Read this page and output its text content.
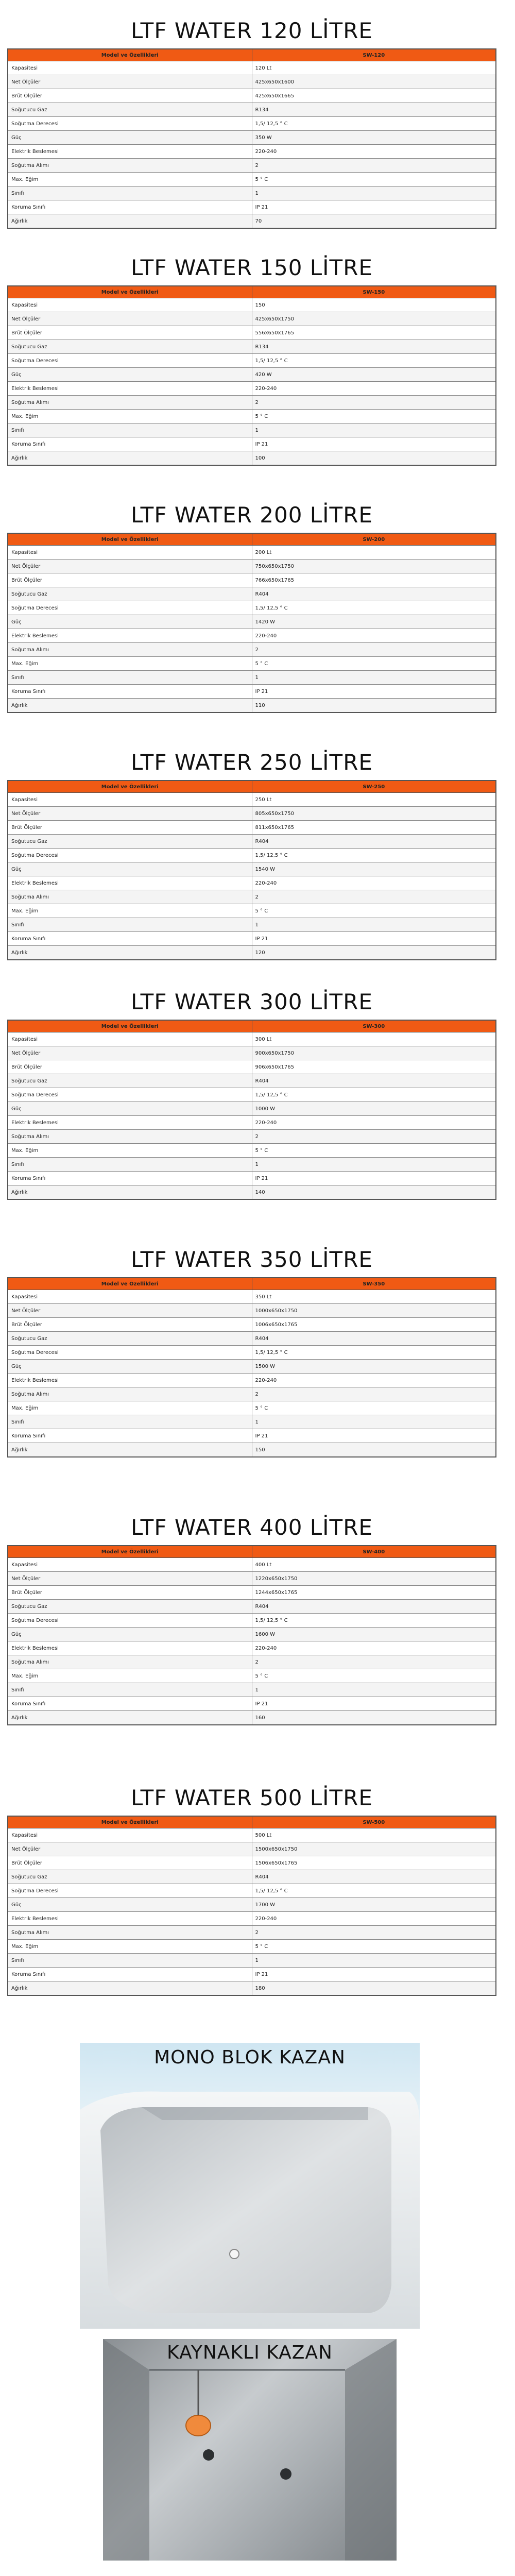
LTF WATER 120 LİTRE
Model ve Özellikleri	SW-120
Kapasitesi	120 Lt
Net Ölçüler	425x650x1600
Brüt Ölçüler	425x650x1665
Soğutucu Gaz	R134
Soğutma Derecesi	1,5/ 12,5 ° C
Güç	350 W
Elektrik Beslemesi	220-240
Soğutma Alımı	2
Max. Eğim	5 ° C
Sınıfı	1
Koruma Sınıfı	IP 21
Ağırlık	70
LTF WATER 150 LİTRE
Model ve Özellikleri	SW-150
Kapasitesi	150
Net Ölçüler	425x650x1750
Brüt Ölçüler	556x650x1765
Soğutucu Gaz	R134
Soğutma Derecesi	1,5/ 12,5 ° C
Güç	420 W
Elektrik Beslemesi	220-240
Soğutma Alımı	2
Max. Eğim	5 ° C
Sınıfı	1
Koruma Sınıfı	IP 21
Ağırlık	100
LTF WATER 200 LİTRE
Model ve Özellikleri	SW-200
Kapasitesi	200 Lt
Net Ölçüler	750x650x1750
Brüt Ölçüler	766x650x1765
Soğutucu Gaz	R404
Soğutma Derecesi	1,5/ 12,5 ° C
Güç	1420 W
Elektrik Beslemesi	220-240
Soğutma Alımı	2
Max. Eğim	5 ° C
Sınıfı	1
Koruma Sınıfı	IP 21
Ağırlık	110
LTF WATER 250 LİTRE
Model ve Özellikleri	SW-250
Kapasitesi	250 Lt
Net Ölçüler	805x650x1750
Brüt Ölçüler	811x650x1765
Soğutucu Gaz	R404
Soğutma Derecesi	1,5/ 12,5 ° C
Güç	1540 W
Elektrik Beslemesi	220-240
Soğutma Alımı	2
Max. Eğim	5 ° C
Sınıfı	1
Koruma Sınıfı	IP 21
Ağırlık	120
LTF WATER 300 LİTRE
Model ve Özellikleri	SW-300
Kapasitesi	300 Lt
Net Ölçüler	900x650x1750
Brüt Ölçüler	906x650x1765
Soğutucu Gaz	R404
Soğutma Derecesi	1,5/ 12,5 ° C
Güç	1000 W
Elektrik Beslemesi	220-240
Soğutma Alımı	2
Max. Eğim	5 ° C
Sınıfı	1
Koruma Sınıfı	IP 21
Ağırlık	140
LTF WATER 350 LİTRE
Model ve Özellikleri	SW-350
Kapasitesi	350 Lt
Net Ölçüler	1000x650x1750
Brüt Ölçüler	1006x650x1765
Soğutucu Gaz	R404
Soğutma Derecesi	1,5/ 12,5 ° C
Güç	1500 W
Elektrik Beslemesi	220-240
Soğutma Alımı	2
Max. Eğim	5 ° C
Sınıfı	1
Koruma Sınıfı	IP 21
Ağırlık	150
LTF WATER 400 LİTRE
Model ve Özellikleri	SW-400
Kapasitesi	400 Lt
Net Ölçüler	1220x650x1750
Brüt Ölçüler	1244x650x1765
Soğutucu Gaz	R404
Soğutma Derecesi	1,5/ 12,5 ° C
Güç	1600 W
Elektrik Beslemesi	220-240
Soğutma Alımı	2
Max. Eğim	5 ° C
Sınıfı	1
Koruma Sınıfı	IP 21
Ağırlık	160
LTF WATER 500 LİTRE
Model ve Özellikleri	SW-500
Kapasitesi	500 Lt
Net Ölçüler	1500x650x1750
Brüt Ölçüler	1506x650x1765
Soğutucu Gaz	R404
Soğutma Derecesi	1,5/ 12,5 ° C
Güç	1700 W
Elektrik Beslemesi	220-240
Soğutma Alımı	2
Max. Eğim	5 ° C
Sınıfı	1
Koruma Sınıfı	IP 21
Ağırlık	180
MONO BLOK KAZAN
KAYNAKLI KAZAN
